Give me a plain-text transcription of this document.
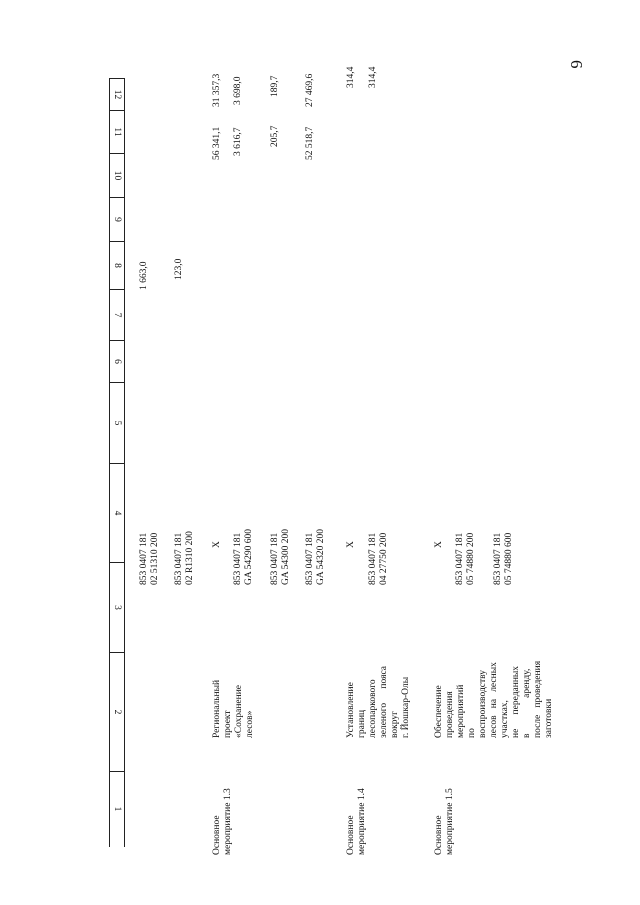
6
1
2
3
4
5
6
7
8
9
10
11
12
Основное
мероприятие 1.3
Региональный
проект
«Сохранение
лесов»
X
853 0407 181
02 51310 200
1 663,0
853 0407 181
02 R1310 200
123,0
56 341,1
31 357,3
853 0407 181
GA 54290 600
3 616,7
3 698,0
853 0407 181
GA 54300 200
205,7
189,7
853 0407 181
GA 54320 200
52 518,7
27 469,6
Основное
мероприятие 1.4
Установление
границ
лесопаркового
зеленого      пояса
вокруг
г. Йошкар-Олы
X
314,4
853 0407 181
04 27750 200
314,4
Основное
мероприятие 1.5
Обеспечение
проведения
мероприятий
по
воспроизводству
лесов   на   лесных
участках,
не      переданных
в               аренду,
после   проведения
заготовки
X
853 0407 181
05 74880 200
853 0407 181
05 74880 600
